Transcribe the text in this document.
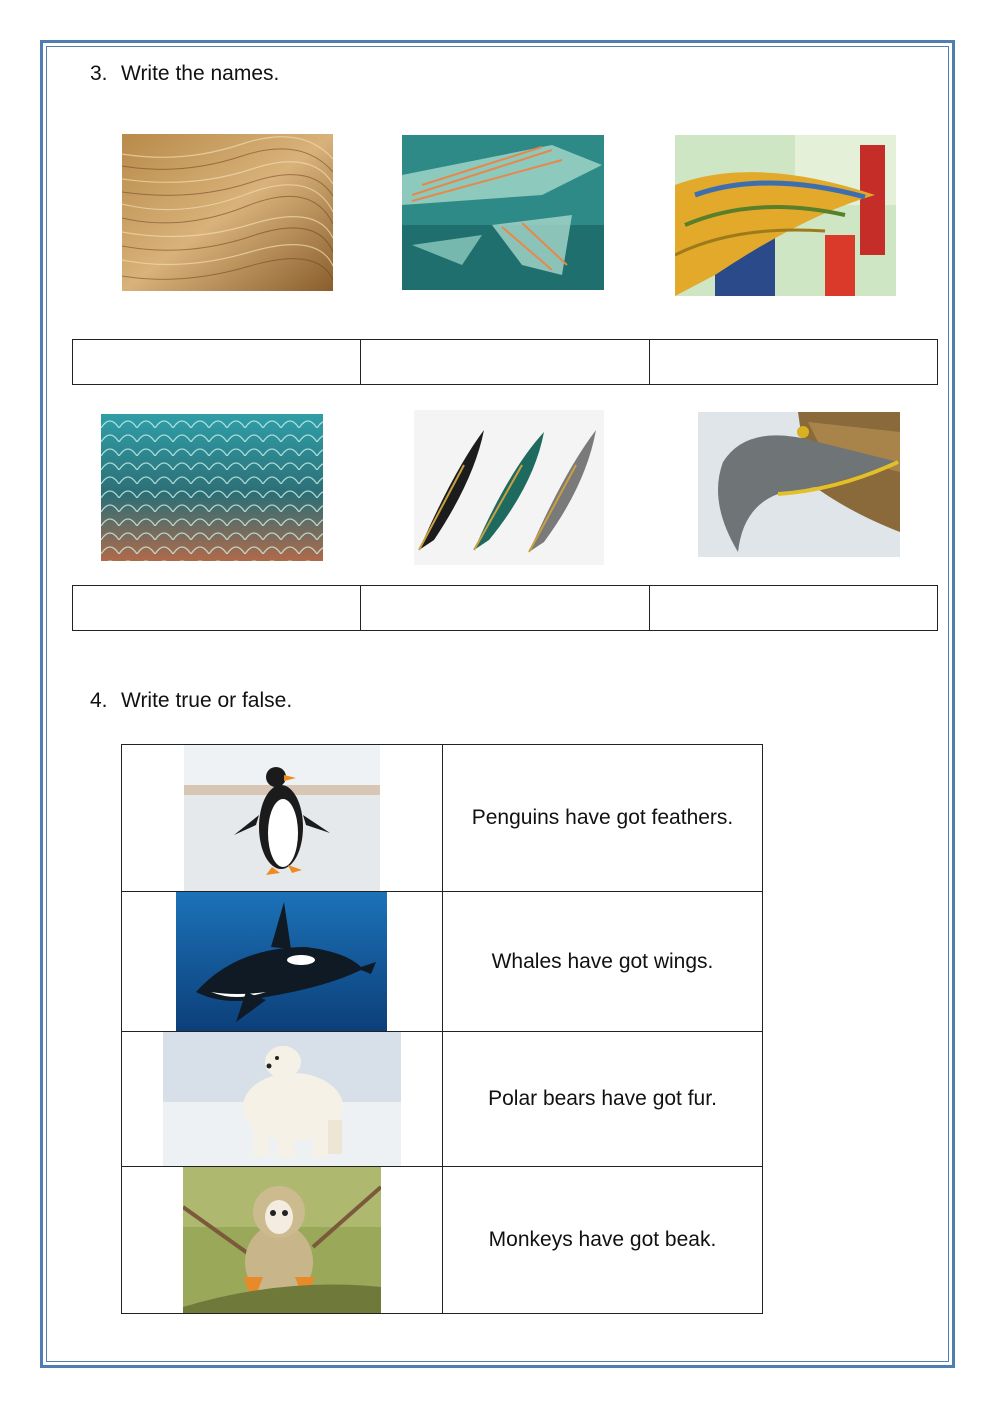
3. Write the names.

4. Write true or false.
	Penguins have got feathers.

	Whales have got wings.

	Polar bears have got fur.

	Monkeys have got beak.
